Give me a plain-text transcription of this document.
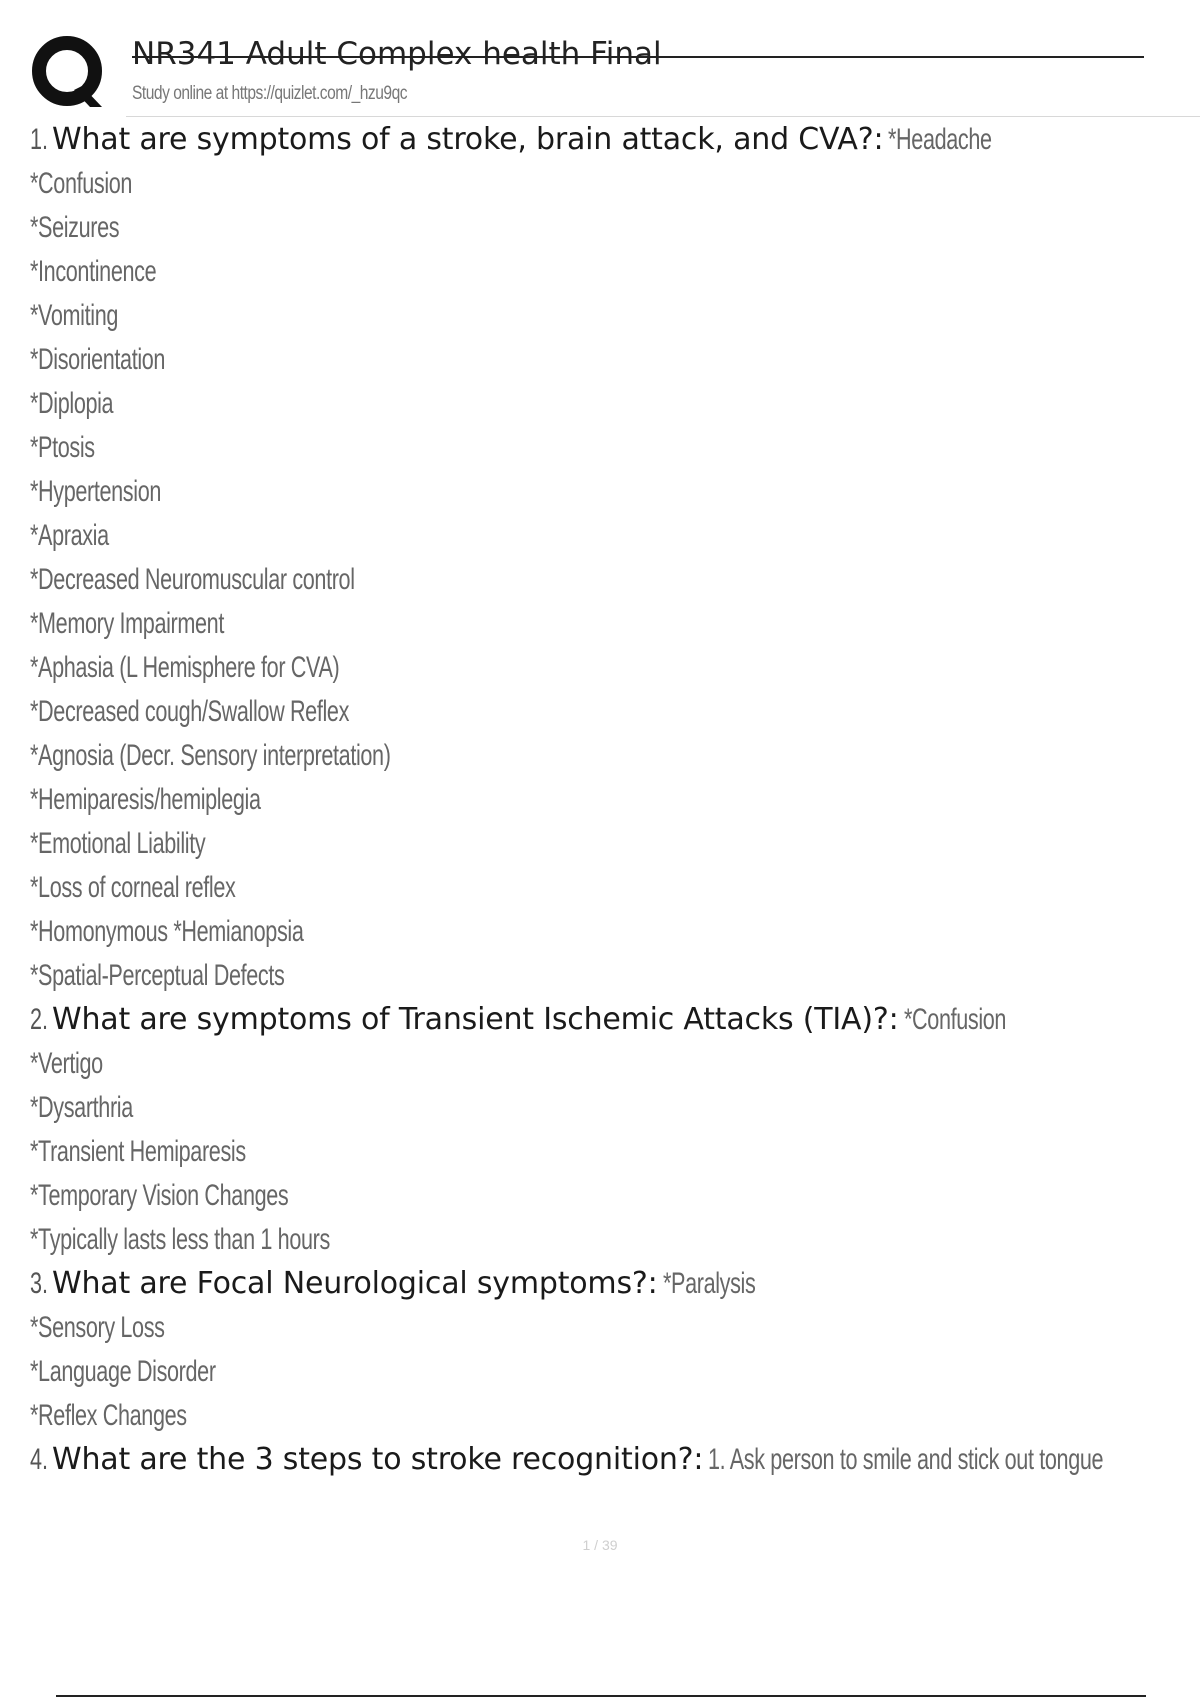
NR341 Adult Complex health Final
Study online at https://quizlet.com/_hzu9qc
1. What are symptoms of a stroke, brain attack, and CVA?: *Headache
*Confusion
*Seizures
*Incontinence
*Vomiting
*Disorientation
*Diplopia
*Ptosis
*Hypertension
*Apraxia
*Decreased Neuromuscular control
*Memory Impairment
*Aphasia (L Hemisphere for CVA)
*Decreased cough/Swallow Reflex
*Agnosia (Decr. Sensory interpretation)
*Hemiparesis/hemiplegia
*Emotional Liability
*Loss of corneal reflex
*Homonymous *Hemianopsia
*Spatial-Perceptual Defects
2. What are symptoms of Transient Ischemic Attacks (TIA)?: *Confusion
*Vertigo
*Dysarthria
*Transient Hemiparesis
*Temporary Vision Changes
*Typically lasts less than 1 hours
3. What are Focal Neurological symptoms?: *Paralysis
*Sensory Loss
*Language Disorder
*Reflex Changes
4. What are the 3 steps to stroke recognition?: 1. Ask person to smile and stick out tongue
1 / 39
